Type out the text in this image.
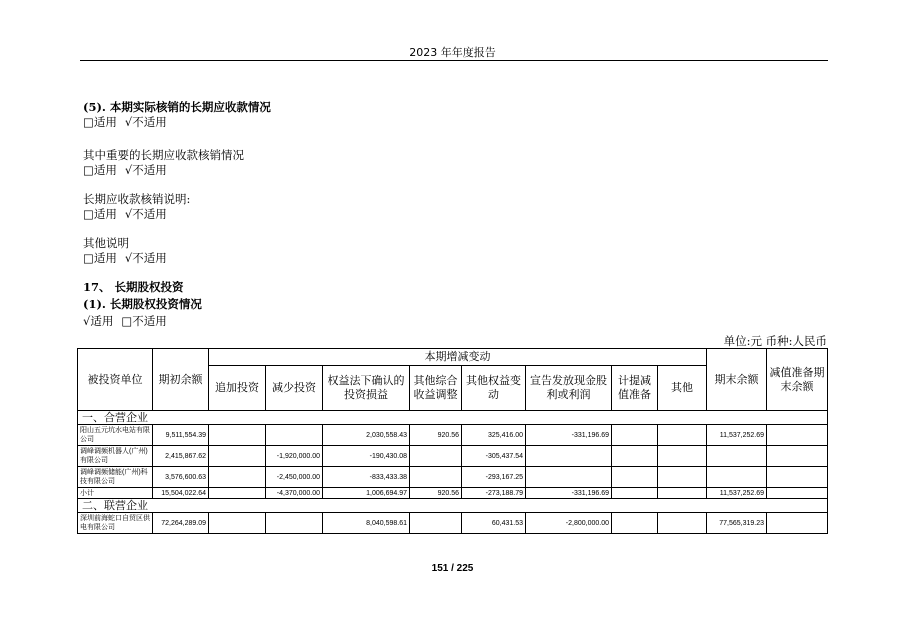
2023 年年度报告
(5). 本期实际核销的长期应收款情况
□适用 √不适用
其中重要的长期应收款核销情况
□适用 √不适用
长期应收款核销说明:
□适用 √不适用
其他说明
□适用 √不适用
17、 长期股权投资
(1). 长期股权投资情况
√适用 □不适用
单位:元 币种:人民币
被投资单位	期初余额	本期增减变动								期末余额	减值准备期末余额
		追加投资	减少投资	权益法下确认的投资损益	其他综合收益调整	其他权益变动	宣告发放现金股利或利润	计提减值准备	其他		
一、合营企业											
阳山五元坑水电站有限公司	9,511,554.39			2,030,558.43	920.56	325,416.00	-331,196.69			11,537,252.69	
调峰调频机器人(广州)有限公司	2,415,867.62		-1,920,000.00	-190,430.08		-305,437.54					
调峰调频储能(广州)科技有限公司	3,576,600.63		-2,450,000.00	-833,433.38		-293,167.25					
小计	15,504,022.64		-4,370,000.00	1,006,694.97	920.56	-273,188.79	-331,196.69			11,537,252.69	
二、联营企业											
深圳前海蛇口自贸区供电有限公司	72,264,289.09			8,040,598.61		60,431.53	-2,800,000.00			77,565,319.23	
151 / 225
